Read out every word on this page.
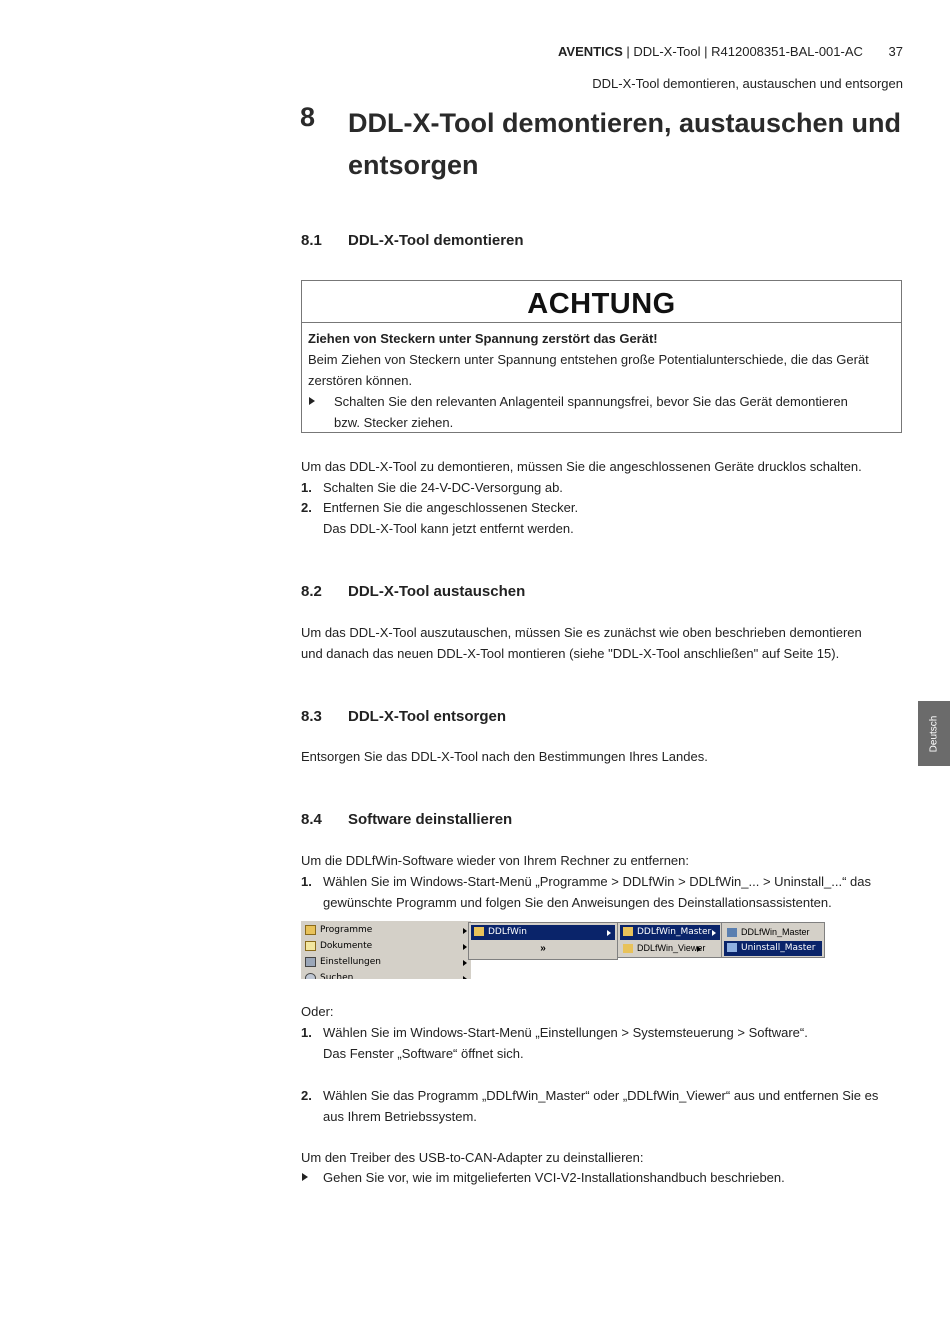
AVENTICS | DDL-X-Tool | R412008351-BAL-001-AC 37
DDL-X-Tool demontieren, austauschen und entsorgen
8 DDL-X-Tool demontieren, austauschen und entsorgen
8.1 DDL-X-Tool demontieren
ACHTUNG
Ziehen von Steckern unter Spannung zerstört das Gerät!
Beim Ziehen von Steckern unter Spannung entstehen große Potentialunterschiede, die das Gerät zerstören können.
Schalten Sie den relevanten Anlagenteil spannungsfrei, bevor Sie das Gerät demontieren
bzw. Stecker ziehen.
Um das DDL-X-Tool zu demontieren, müssen Sie die angeschlossenen Geräte drucklos schalten.
1. Schalten Sie die 24-V-DC-Versorgung ab.
2. Entfernen Sie die angeschlossenen Stecker.
Das DDL-X-Tool kann jetzt entfernt werden.
8.2 DDL-X-Tool austauschen
Um das DDL-X-Tool auszutauschen, müssen Sie es zunächst wie oben beschrieben demontieren
und danach das neuen DDL-X-Tool montieren (siehe "DDL-X-Tool anschließen" auf Seite 15).
Deutsch
8.3 DDL-X-Tool entsorgen
Entsorgen Sie das DDL-X-Tool nach den Bestimmungen Ihres Landes.
8.4 Software deinstallieren
Um die DDLfWin-Software wieder von Ihrem Rechner zu entfernen:
1. Wählen Sie im Windows-Start-Menü „Programme > DDLfWin > DDLfWin_... > Uninstall_...“ das
gewünschte Programm und folgen Sie den Anweisungen des Deinstallationsassistenten.
Programme
Dokumente
Einstellungen
Suchen
DDLfWin
»
DDLfWin_Master
DDLfWin_Viewer
DDLfWin_Master
Uninstall_Master
Oder:
1. Wählen Sie im Windows-Start-Menü „Einstellungen > Systemsteuerung > Software“.
Das Fenster „Software“ öffnet sich.
2. Wählen Sie das Programm „DDLfWin_Master“ oder „DDLfWin_Viewer“ aus und entfernen Sie es
aus Ihrem Betriebssystem.
Um den Treiber des USB-to-CAN-Adapter zu deinstallieren:
Gehen Sie vor, wie im mitgelieferten VCI-V2-Installationshandbuch beschrieben.
